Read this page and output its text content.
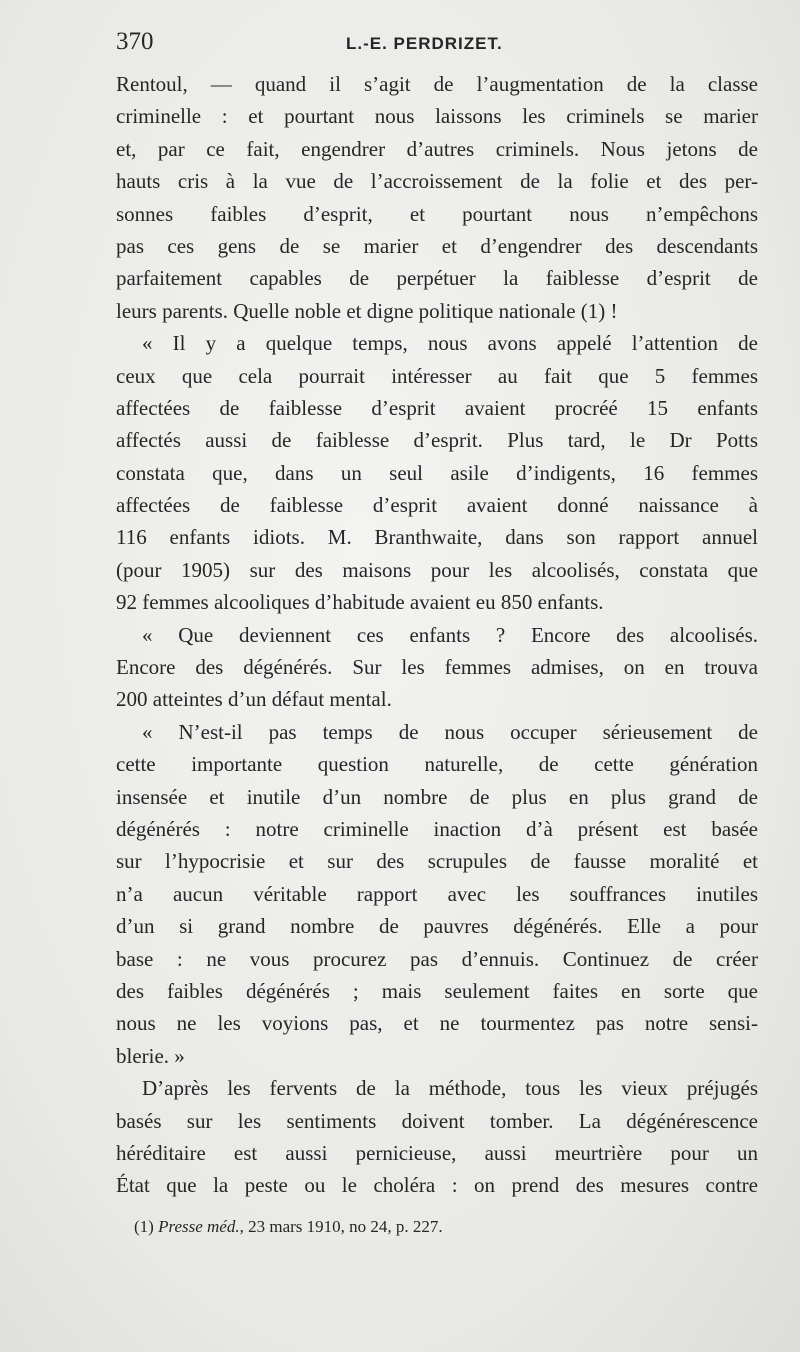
370	L.-E. PERDRIZET.
Rentoul, — quand il s’agit de l’augmentation de la classe
criminelle : et pourtant nous laissons les criminels se marier
et, par ce fait, engendrer d’autres criminels. Nous jetons de
hauts cris à la vue de l’accroissement de la folie et des per-
sonnes faibles d’esprit, et pourtant nous n’empêchons
pas ces gens de se marier et d’engendrer des descendants
parfaitement capables de perpétuer la faiblesse d’esprit de
leurs parents. Quelle noble et digne politique nationale (1) !
« Il y a quelque temps, nous avons appelé l’attention de
ceux que cela pourrait intéresser au fait que 5 femmes
affectées de faiblesse d’esprit avaient procréé 15 enfants
affectés aussi de faiblesse d’esprit. Plus tard, le Dr Potts
constata que, dans un seul asile d’indigents, 16 femmes
affectées de faiblesse d’esprit avaient donné naissance à
116 enfants idiots. M. Branthwaite, dans son rapport annuel
(pour 1905) sur des maisons pour les alcoolisés, constata que
92 femmes alcooliques d’habitude avaient eu 850 enfants.
« Que deviennent ces enfants ? Encore des alcoolisés.
Encore des dégénérés. Sur les femmes admises, on en trouva
200 atteintes d’un défaut mental.
« N’est-il pas temps de nous occuper sérieusement de
cette importante question naturelle, de cette génération
insensée et inutile d’un nombre de plus en plus grand de
dégénérés : notre criminelle inaction d’à présent est basée
sur l’hypocrisie et sur des scrupules de fausse moralité et
n’a aucun véritable rapport avec les souffrances inutiles
d’un si grand nombre de pauvres dégénérés. Elle a pour
base : ne vous procurez pas d’ennuis. Continuez de créer
des faibles dégénérés ; mais seulement faites en sorte que
nous ne les voyions pas, et ne tourmentez pas notre sensi-
blerie. »
D’après les fervents de la méthode, tous les vieux préjugés
basés sur les sentiments doivent tomber. La dégénérescence
héréditaire est aussi pernicieuse, aussi meurtrière pour un
État que la peste ou le choléra : on prend des mesures contre
(1) Presse méd., 23 mars 1910, no 24, p. 227.
